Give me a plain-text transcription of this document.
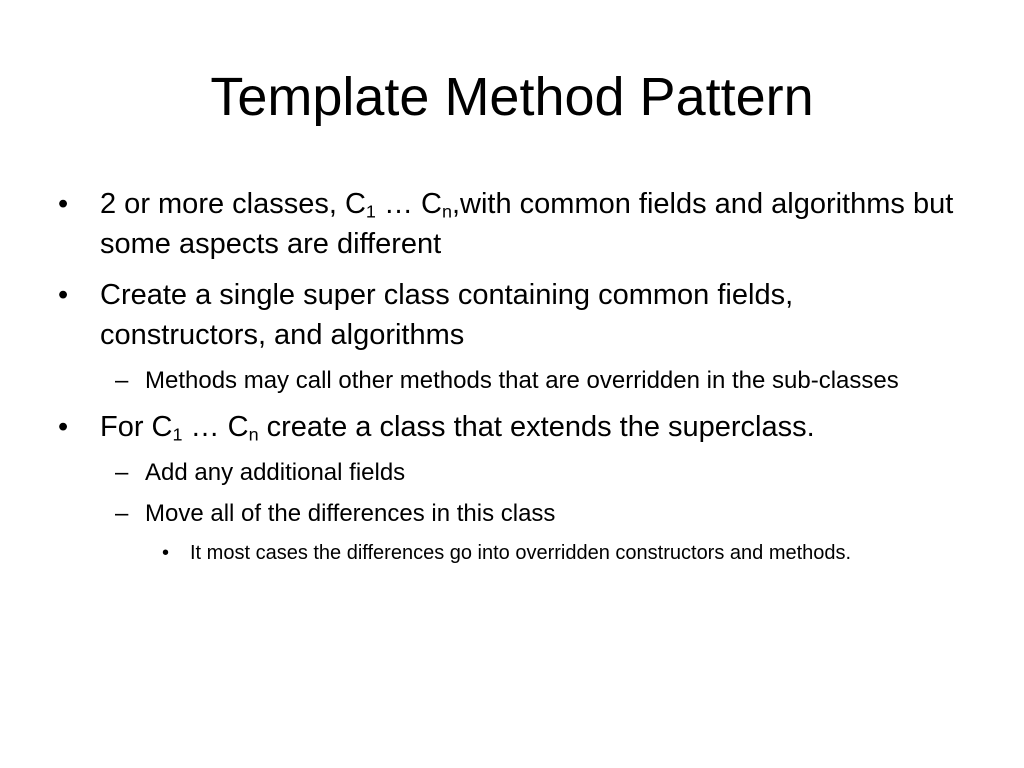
Template Method Pattern
• 2 or more classes, $C_1$ … $C_n,with$ common fields and algorithms but some aspects are different
• Create a single super class containing common fields, constructors, and algorithms
– Methods may call other methods that are overridden in the sub-classes
• For $C_1$ … $C_n$ create a class that extends the superclass.
– Add any additional fields
– Move all of the differences in this class
• It most cases the differences go into overridden constructors and methods.
